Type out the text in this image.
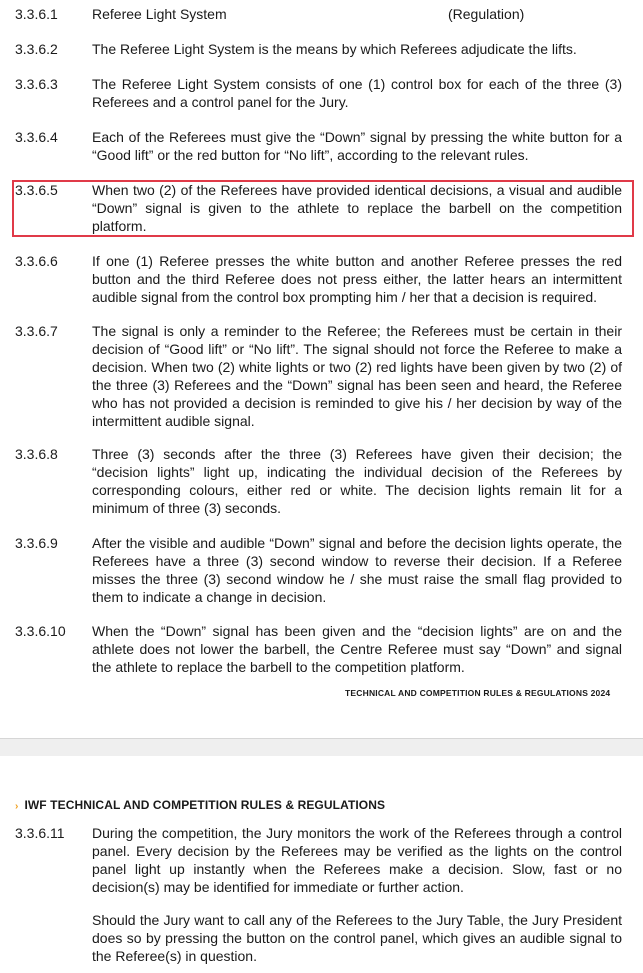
3.3.6.1 Referee Light System	(Regulation)
3.3.6.2 The Referee Light System is the means by which Referees adjudicate the lifts.
3.3.6.3 The Referee Light System consists of one (1) control box for each of the three (3) Referees and a control panel for the Jury.
3.3.6.4 Each of the Referees must give the “Down” signal by pressing the white button for a “Good lift” or the red button for “No lift”, according to the relevant rules.
3.3.6.5 When two (2) of the Referees have provided identical decisions, a visual and audible “Down” signal is given to the athlete to replace the barbell on the competition platform.
3.3.6.6 If one (1) Referee presses the white button and another Referee presses the red button and the third Referee does not press either, the latter hears an intermittent audible signal from the control box prompting him / her that a decision is required.
3.3.6.7 The signal is only a reminder to the Referee; the Referees must be certain in their decision of “Good lift” or “No lift”. The signal should not force the Referee to make a decision. When two (2) white lights or two (2) red lights have been given by two (2) of the three (3) Referees and the “Down” signal has been seen and heard, the Referee who has not provided a decision is reminded to give his / her decision by way of the intermittent audible signal.
3.3.6.8 Three (3) seconds after the three (3) Referees have given their decision; the “decision lights” light up, indicating the individual decision of the Referees by corresponding colours, either red or white. The decision lights remain lit for a minimum of three (3) seconds.
3.3.6.9 After the visible and audible “Down” signal and before the decision lights operate, the Referees have a three (3) second window to reverse their decision. If a Referee misses the three (3) second window he / she must raise the small flag provided to them to indicate a change in decision.
3.3.6.10 When the “Down” signal has been given and the “decision lights” are on and the athlete does not lower the barbell, the Centre Referee must say “Down” and signal the athlete to replace the barbell to the competition platform.
TECHNICAL AND COMPETITION RULES & REGULATIONS 2024
› IWF TECHNICAL AND COMPETITION RULES & REGULATIONS
3.3.6.11 During the competition, the Jury monitors the work of the Referees through a control panel. Every decision by the Referees may be verified as the lights on the control panel light up instantly when the Referees make a decision. Slow, fast or no decision(s) may be identified for immediate or further action.
Should the Jury want to call any of the Referees to the Jury Table, the Jury President does so by pressing the button on the control panel, which gives an audible signal to the Referee(s) in question.
